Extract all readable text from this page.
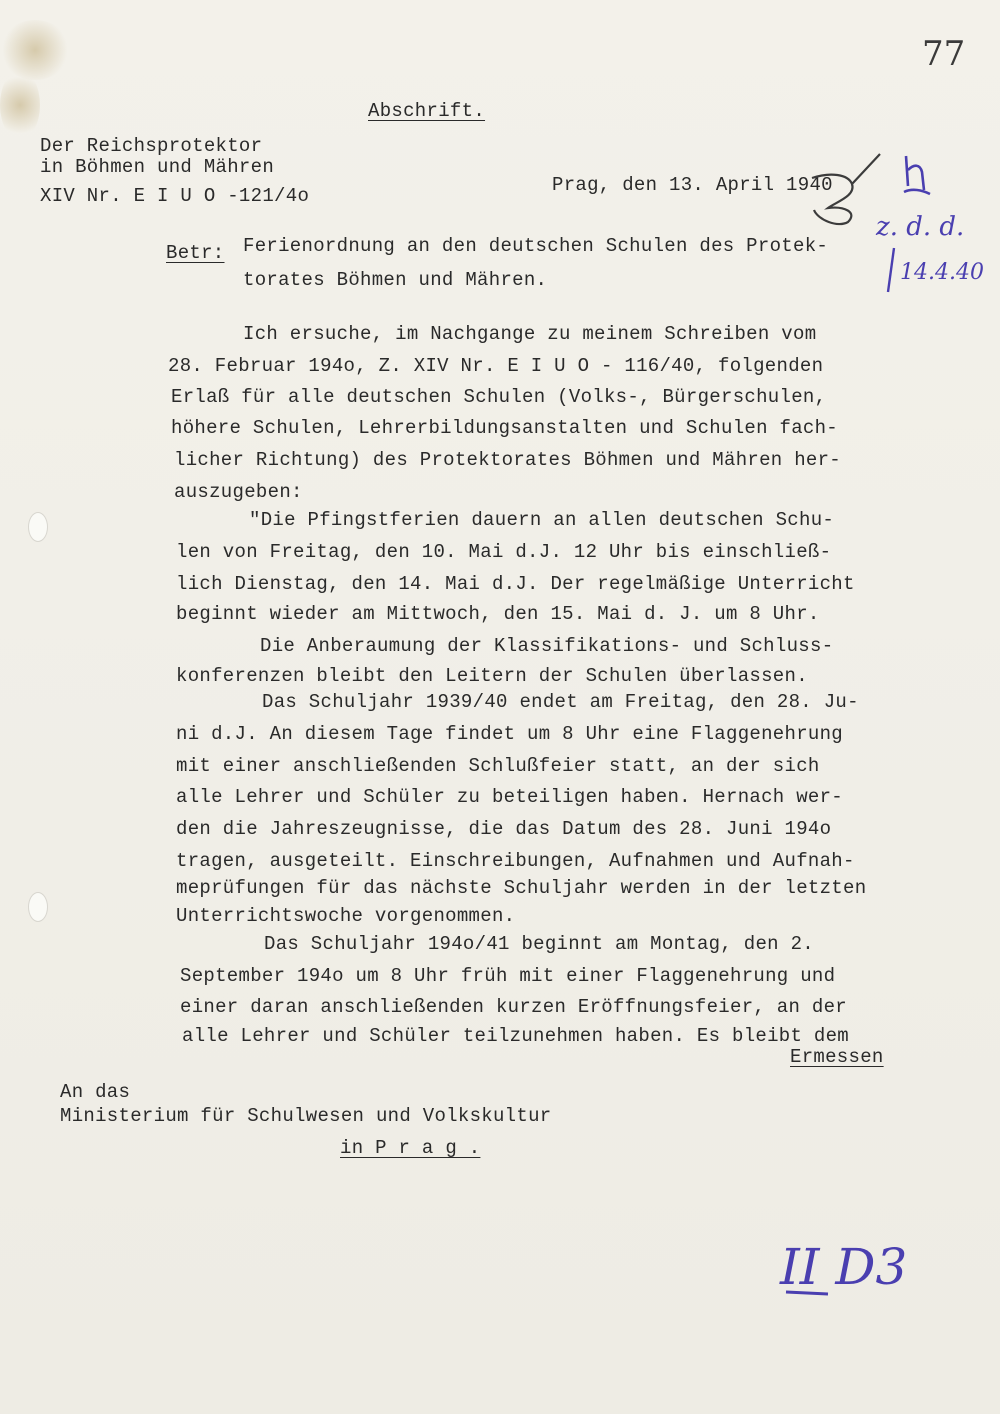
Abschrift.
Der Reichsprotektor
in Böhmen und Mähren
XIV Nr. E I U O -121/4o	Prag, den 13. April 1940
Betr: Ferienordnung an den deutschen Schulen des Protek-
torates Böhmen und Mähren.
Ich ersuche, im Nachgange zu meinem Schreiben vom
28. Februar 194o, Z. XIV Nr. E I U O - 116/40, folgenden
Erlaß für alle deutschen Schulen (Volks-, Bürgerschulen,
höhere Schulen, Lehrerbildungsanstalten und Schulen fach-
licher Richtung) des Protektorates Böhmen und Mähren her-
auszugeben:
"Die Pfingstferien dauern an allen deutschen Schu-
len von Freitag, den 10. Mai d.J. 12 Uhr bis einschließ-
lich Dienstag, den 14. Mai d.J. Der regelmäßige Unterricht
beginnt wieder am Mittwoch, den 15. Mai d. J. um 8 Uhr.
Die Anberaumung der Klassifikations- und Schluss-
konferenzen bleibt den Leitern der Schulen überlassen.
Das Schuljahr 1939/40 endet am Freitag, den 28. Ju-
ni d.J. An diesem Tage findet um 8 Uhr eine Flaggenehrung
mit einer anschließenden Schlußfeier statt, an der sich
alle Lehrer und Schüler zu beteiligen haben. Hernach wer-
den die Jahreszeugnisse, die das Datum des 28. Juni 194o
tragen, ausgeteilt. Einschreibungen, Aufnahmen und Aufnah-
meprüfungen für das nächste Schuljahr werden in der letzten
Unterrichtswoche vorgenommen.
Das Schuljahr 194o/41 beginnt am Montag, den 2.
September 194o um 8 Uhr früh mit einer Flaggenehrung und
einer daran anschließenden kurzen Eröffnungsfeier, an der
alle Lehrer und Schüler teilzunehmen haben. Es bleibt dem
Ermessen
An das
Ministerium für Schulwesen und Volkskultur
in P r a g .
77
z. d. d.
14.4.40
II D3
